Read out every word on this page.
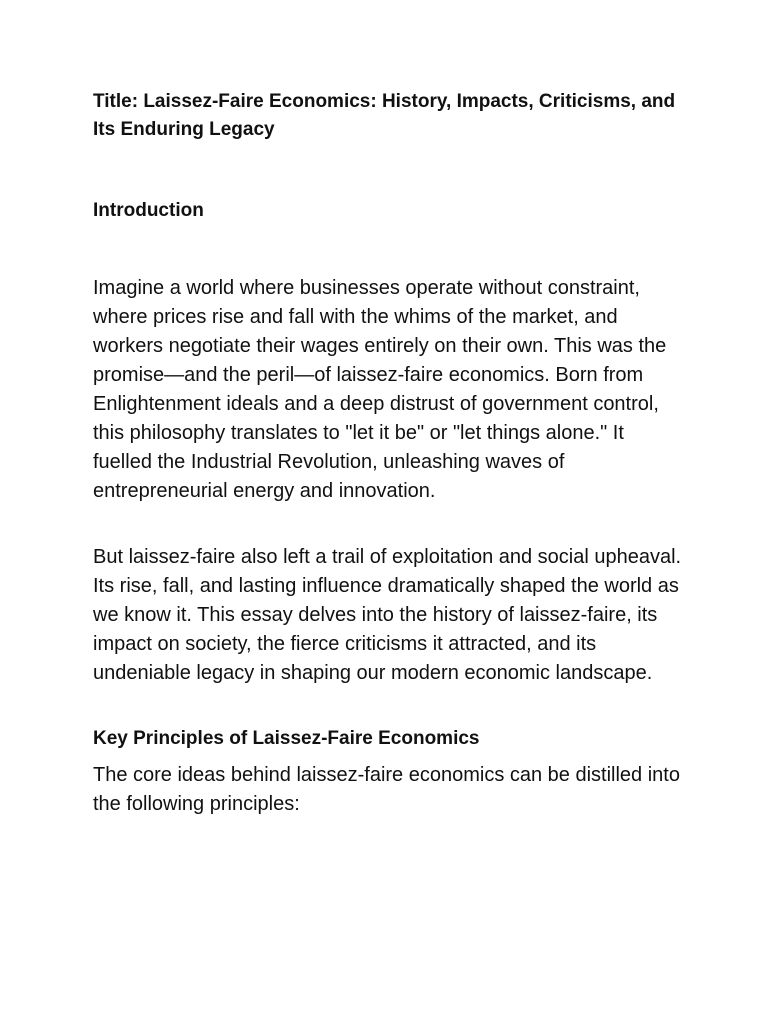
Title: Laissez-Faire Economics: History, Impacts, Criticisms, and Its Enduring Legacy

Introduction

Imagine a world where businesses operate without constraint, where prices rise and fall with the whims of the market, and workers negotiate their wages entirely on their own. This was the promise—and the peril—of laissez-faire economics. Born from Enlightenment ideals and a deep distrust of government control, this philosophy translates to "let it be" or "let things alone." It fuelled the Industrial Revolution, unleashing waves of entrepreneurial energy and innovation.

But laissez-faire also left a trail of exploitation and social upheaval. Its rise, fall, and lasting influence dramatically shaped the world as we know it. This essay delves into the history of laissez-faire, its impact on society, the fierce criticisms it attracted, and its undeniable legacy in shaping our modern economic landscape.

Key Principles of Laissez-Faire Economics

The core ideas behind laissez-faire economics can be distilled into the following principles:
